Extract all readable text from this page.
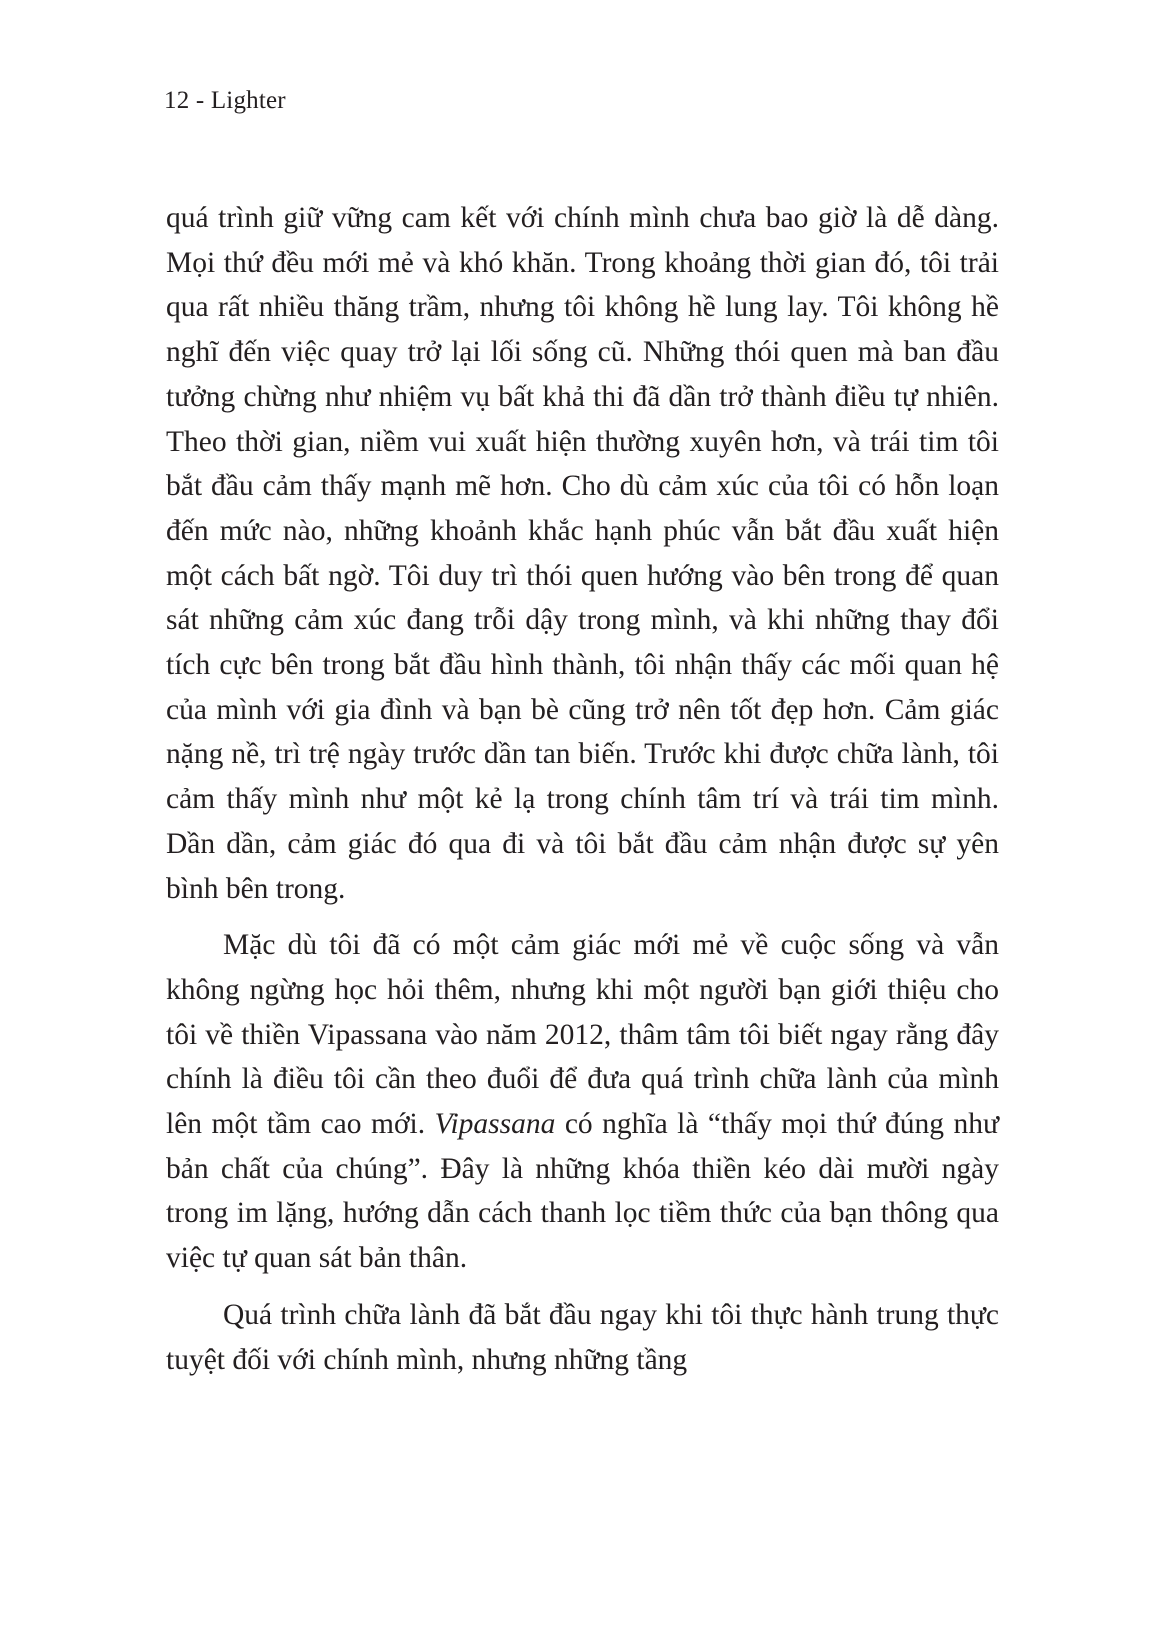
12 - Lighter

quá trình giữ vững cam kết với chính mình chưa bao giờ là dễ dàng. Mọi thứ đều mới mẻ và khó khăn. Trong khoảng thời gian đó, tôi trải qua rất nhiều thăng trầm, nhưng tôi không hề lung lay. Tôi không hề nghĩ đến việc quay trở lại lối sống cũ. Những thói quen mà ban đầu tưởng chừng như nhiệm vụ bất khả thi đã dần trở thành điều tự nhiên. Theo thời gian, niềm vui xuất hiện thường xuyên hơn, và trái tim tôi bắt đầu cảm thấy mạnh mẽ hơn. Cho dù cảm xúc của tôi có hỗn loạn đến mức nào, những khoảnh khắc hạnh phúc vẫn bắt đầu xuất hiện một cách bất ngờ. Tôi duy trì thói quen hướng vào bên trong để quan sát những cảm xúc đang trỗi dậy trong mình, và khi những thay đổi tích cực bên trong bắt đầu hình thành, tôi nhận thấy các mối quan hệ của mình với gia đình và bạn bè cũng trở nên tốt đẹp hơn. Cảm giác nặng nề, trì trệ ngày trước dần tan biến. Trước khi được chữa lành, tôi cảm thấy mình như một kẻ lạ trong chính tâm trí và trái tim mình. Dần dần, cảm giác đó qua đi và tôi bắt đầu cảm nhận được sự yên bình bên trong.

Mặc dù tôi đã có một cảm giác mới mẻ về cuộc sống và vẫn không ngừng học hỏi thêm, nhưng khi một người bạn giới thiệu cho tôi về thiền Vipassana vào năm 2012, thâm tâm tôi biết ngay rằng đây chính là điều tôi cần theo đuổi để đưa quá trình chữa lành của mình lên một tầm cao mới. Vipassana có nghĩa là “thấy mọi thứ đúng như bản chất của chúng”. Đây là những khóa thiền kéo dài mười ngày trong im lặng, hướng dẫn cách thanh lọc tiềm thức của bạn thông qua việc tự quan sát bản thân.

Quá trình chữa lành đã bắt đầu ngay khi tôi thực hành trung thực tuyệt đối với chính mình, nhưng những tầng
